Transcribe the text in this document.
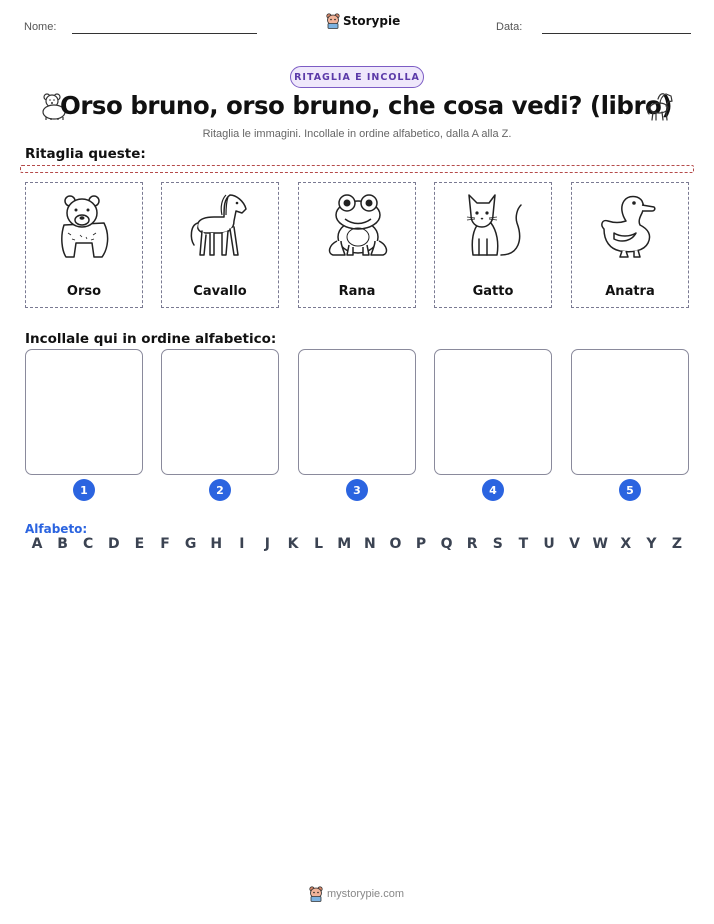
Nome:	Storypie	Data:
RITAGLIA E INCOLLA
Orso bruno, orso bruno, che cosa vedi? (libro)
Ritaglia le immagini. Incollale in ordine alfabetico, dalla A alla Z.
Ritaglia queste:
Orso	Cavallo	Rana	Gatto	Anatra
Incollale qui in ordine alfabetico:
1	2	3	4	5
Alfabeto:
A	B	C	D	E	F	G H	I	J	K	L	M N O	P	Q	R	S	T	U	V W X	Y	Z
mystorypie.com
